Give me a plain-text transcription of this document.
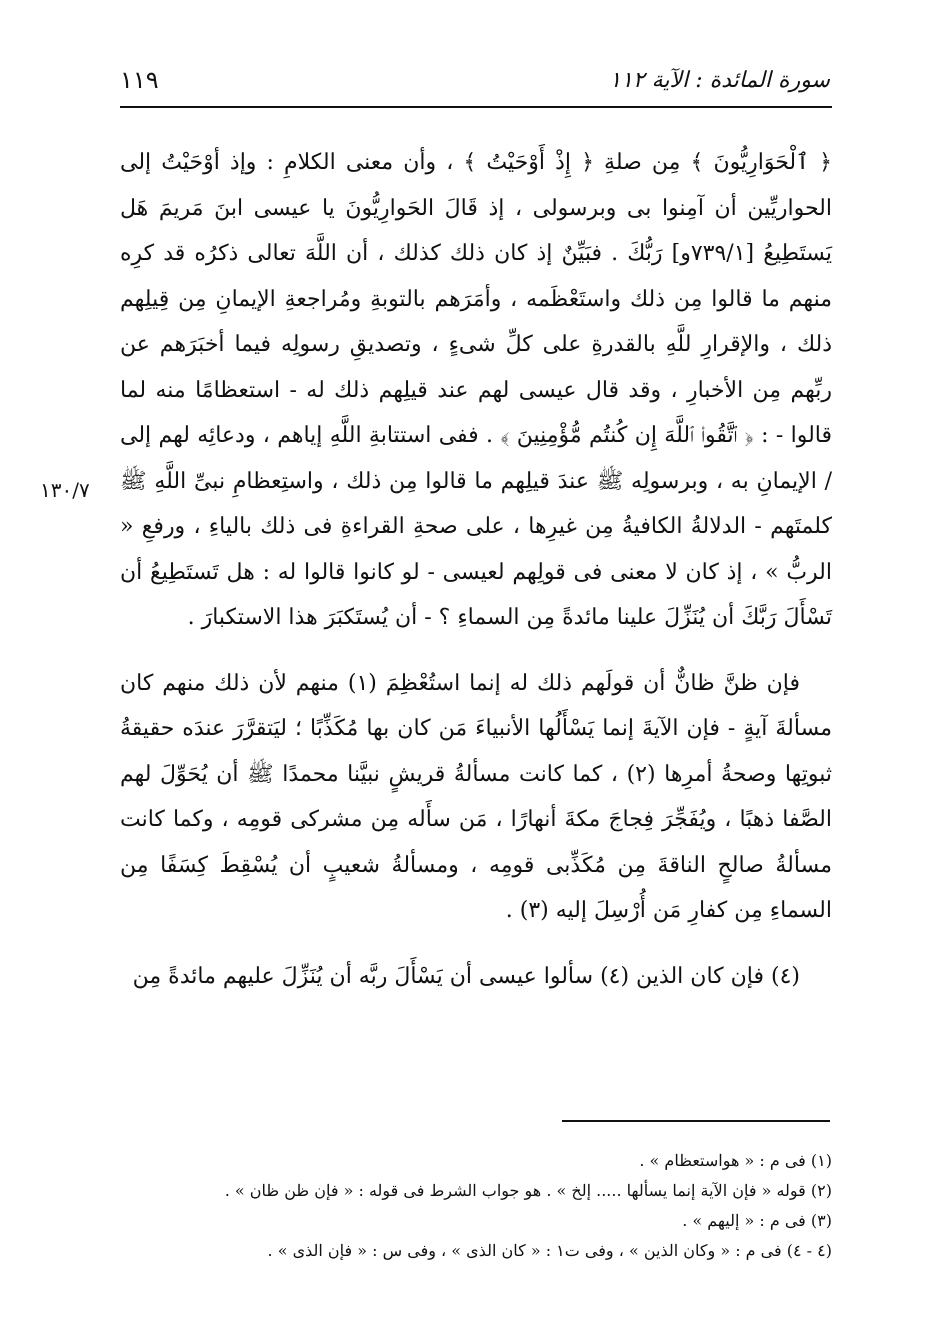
سورة المائدة : الآية ١١٢
١١٩
١٣٠/٧

﴿ ٱلْحَوَارِيُّونَ ﴾ مِن صلةِ ﴿ إِذْ أَوْحَيْتُ ﴾ ، وأن معنى الكلامِ : وإذ أوْحَيْتُ إلى الحواريِّين أن آمِنوا بى وبرسولى ، إذ قَالَ الحَوارِيُّونَ يا عيسى ابنَ مَريمَ هَل يَستَطِيعُ [٧٣٩/١و] رَبُّكَ . فبَيِّنٌ إذ كان ذلك كذلك ، أن اللَّهَ تعالى ذكرُه قد كرِه منهم ما قالوا مِن ذلك واستَعْظَمه ، وأمَرَهم بالتوبةِ ومُراجعةِ الإيمانِ مِن قِيلِهم ذلك ، والإقرارِ للَّهِ بالقدرةِ على كلِّ شىءٍ ، وتصديقِ رسولِه فيما أخبَرَهم عن ربِّهم مِن الأخبارِ ، وقد قال عيسى لهم عند قيلِهم ذلك له - استعظامًا منه لما قالوا - : ﴿ ٱتَّقُوا۟ ٱللَّهَ إِن كُنتُم مُّؤْمِنِينَ ﴾ . ففى استتابةِ اللَّهِ إياهم ، ودعائِه لهم إلى / الإيمانِ به ، وبرسولِه ﷺ عندَ قيلِهم ما قالوا مِن ذلك ، واستِعظامِ نبىِّ اللَّهِ ﷺ كلمتَهم - الدلالةُ الكافيةُ مِن غيرِها ، على صحةِ القراءةِ فى ذلك بالياءِ ، ورفعِ « الربُّ » ، إذ كان لا معنى فى قولِهم لعيسى - لو كانوا قالوا له : هل تَستَطِيعُ أن تَسْأَلَ رَبَّكَ أن يُنَزِّلَ علينا مائدةً مِن السماءِ ؟ - أن يُستَكبَرَ هذا الاستكبارَ .

فإن ظنَّ ظانٌّ أن قولَهم ذلك له إنما استُعْظِمَ (١) منهم لأن ذلك منهم كان مسألةَ آيةٍ - فإن الآيةَ إنما يَسْأَلُها الأنبياءَ مَن كان بها مُكَذِّبًا ؛ ليَتقرَّرَ عندَه حقيقةُ ثبوتِها وصحةُ أمرِها (٢) ، كما كانت مسألةُ قريشٍ نبيَّنا محمدًا ﷺ أن يُحَوِّلَ لهم الصَّفا ذهبًا ، ويُفَجِّرَ فِجاجَ مكةَ أنهارًا ، مَن سأَله مِن مشركى قومِه ، وكما كانت مسألةُ صالحٍ الناقةَ مِن مُكَذِّبى قومِه ، ومسألةُ شعيبٍ أن يُسْقِطَ كِسَفًا مِن السماءِ مِن كفارِ مَن أُرْسِلَ إليه (٣) .

(٤) فإن كان الذين (٤) سألوا عيسى أن يَسْأَلَ ربَّه أن يُنَزِّلَ عليهم مائدةً مِن

(١) فى م : « هواستعظام » .
(٢) قوله « فإن الآية إنما يسألها ..... إلخ » . هو جواب الشرط فى قوله : « فإن ظن ظان » .
(٣) فى م : « إليهم » .
(٤ - ٤) فى م : « وكان الذين » ، وفى ت١ : « كان الذى » ، وفى س : « فإن الذى » .
